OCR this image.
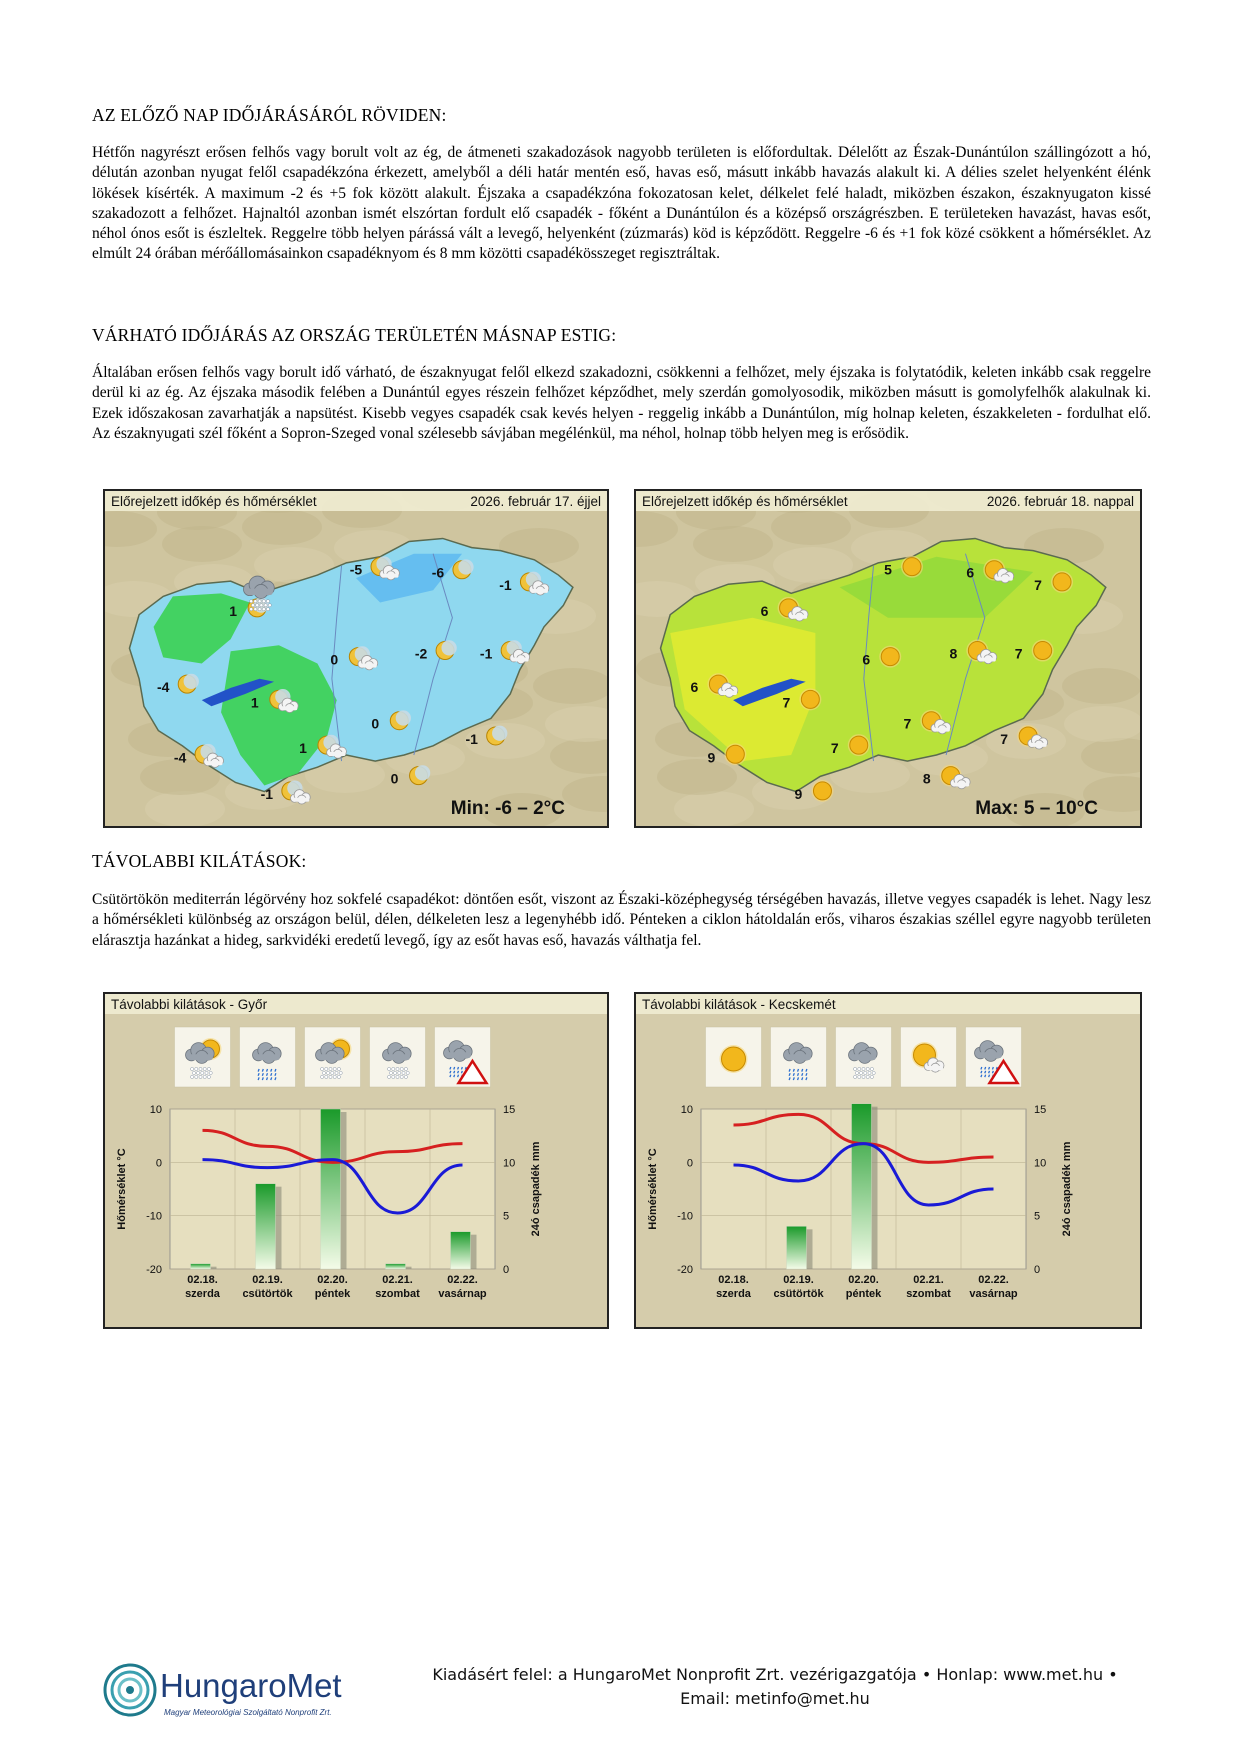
AZ ELŐZŐ NAP IDŐJÁRÁSÁRÓL RÖVIDEN:
Hétfőn nagyrészt erősen felhős vagy borult volt az ég, de átmeneti szakadozások nagyobb területen is előfordultak. Délelőtt az Észak-Dunántúlon szállingózott a hó, délután azonban nyugat felől csapadékzóna érkezett, amelyből a déli határ mentén eső, havas eső, másutt inkább havazás alakult ki. A délies szelet helyenként élénk lökések kísérték. A maximum -2 és +5 fok között alakult. Éjszaka a csapadékzóna fokozatosan kelet, délkelet felé haladt, miközben északon, északnyugaton kissé szakadozott a felhőzet. Hajnaltól azonban ismét elszórtan fordult elő csapadék - főként a Dunántúlon és a középső országrészben. E területeken havazást, havas esőt, néhol ónos esőt is észleltek. Reggelre több helyen párássá vált a levegő, helyenként (zúzmarás) köd is képződött. Reggelre -6 és +1 fok közé csökkent a hőmérséklet. Az elmúlt 24 órában mérőállomásainkon csapadéknyom és 8 mm közötti csapadékösszeget regisztráltak.
VÁRHATÓ IDŐJÁRÁS AZ ORSZÁG TERÜLETÉN MÁSNAP ESTIG:
Általában erősen felhős vagy borult idő várható, de északnyugat felől elkezd szakadozni, csökkenni a felhőzet, mely éjszaka is folytatódik, keleten inkább csak reggelre derül ki az ég. Az éjszaka második felében a Dunántúl egyes részein felhőzet képződhet, mely szerdán gomolyosodik, miközben másutt is gomolyfelhők alakulnak ki. Ezek időszakosan zavarhatják a napsütést. Kisebb vegyes csapadék csak kevés helyen - reggelig inkább a Dunántúlon, míg holnap keleten, északkeleten - fordulhat elő. Az északnyugati szél főként a Sopron-Szeged vonal szélesebb sávjában megélénkül, ma néhol, holnap több helyen meg is erősödik.
-5	-6
-1
1
0	-2	-1
-4
1
0
1
-1
-4
0
-1
Előrejelzett időkép és hőmérséklet	2026. február 17. éjjel
Min: -6 – 2°C
5	6
7
6
6	8	7
6
7
7
7
7
9
8
9
Előrejelzett időkép és hőmérséklet	2026. február 18. nappal
Max: 5 – 10°C
TÁVOLABBI KILÁTÁSOK:
Csütörtökön mediterrán légörvény hoz sokfelé csapadékot: döntően esőt, viszont az Északi-középhegység térségében havazás, illetve vegyes csapadék is lehet. Nagy lesz a hőmérsékleti különbség az országon belül, délen, délkeleten lesz a legenyhébb idő. Pénteken a ciklon hátoldalán erős, viharos északias széllel egyre nagyobb területen elárasztja hazánkat a hideg, sarkvidéki eredetű levegő, így az esőt havas eső, havazás válthatja fel.
Távolabbi kilátások - Győr
10
0
-10
-20
15
10
5
0
Hőmérséklet °C	24ó csapadék mm
02.18.
szerda
02.19.
csütörtök
02.20.
péntek
02.21.
szombat
02.22.
vasárnap
Távolabbi kilátások - Kecskemét
10
0
-10
-20
15
10
5
0
Hőmérséklet °C	24ó csapadék mm
02.18.
szerda
02.19.
csütörtök
02.20.
péntek
02.21.
szombat
02.22.
vasárnap
HungaroMet
Magyar Meteorológiai Szolgáltató Nonprofit Zrt.
Kiadásért felel: a HungaroMet Nonprofit Zrt. vezérigazgatója • Honlap: www.met.hu •
Email: metinfo@met.hu
